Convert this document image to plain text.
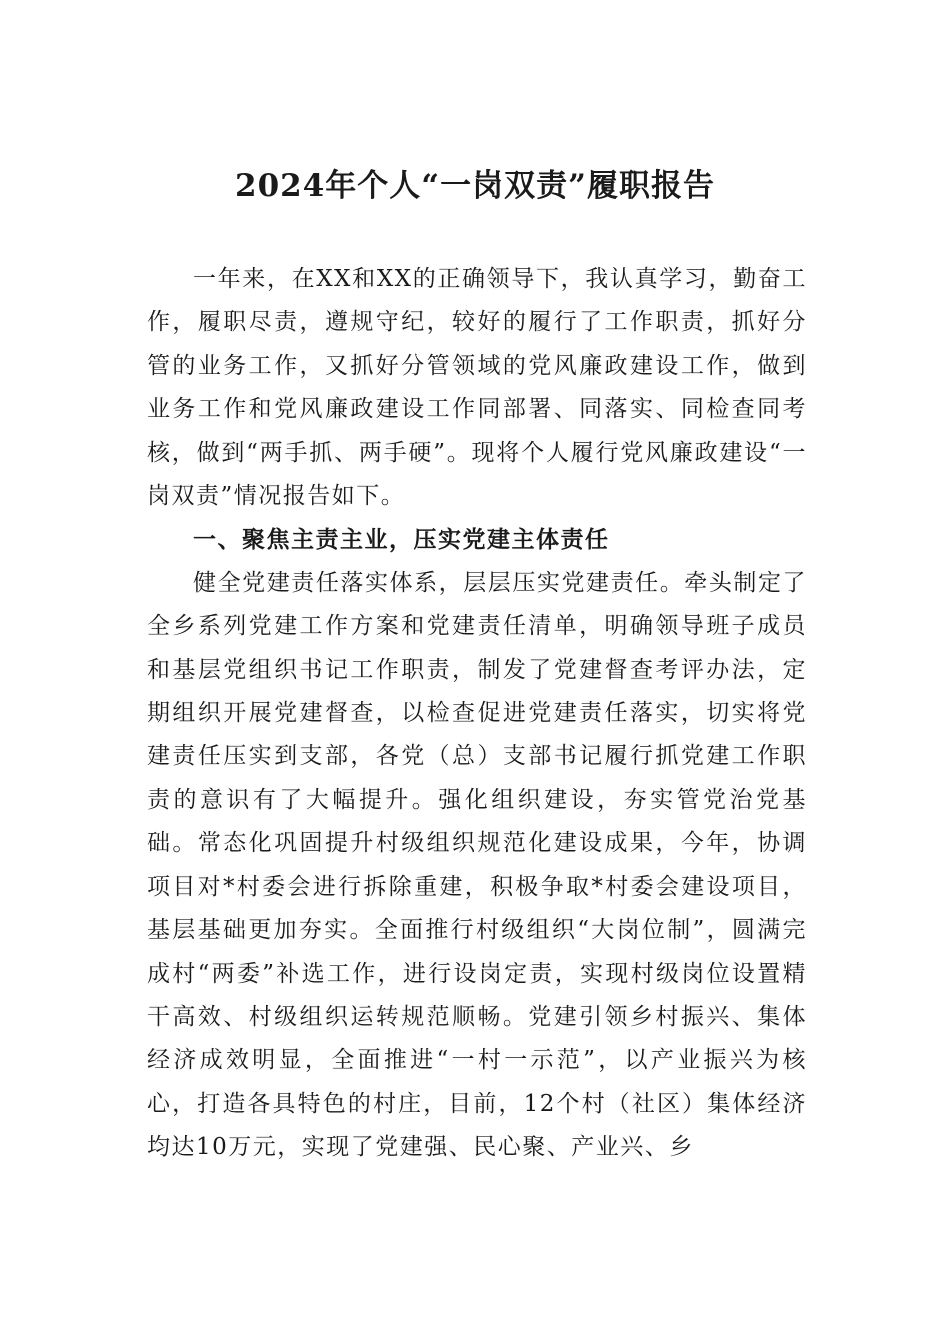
2024年个人“一岗双责”履职报告

一年来，在XX和XX的正确领导下，我认真学习，勤奋工作，履职尽责，遵规守纪，较好的履行了工作职责，抓好分管的业务工作，又抓好分管领域的党风廉政建设工作，做到业务工作和党风廉政建设工作同部署、同落实、同检查同考核，做到“两手抓、两手硬”。现将个人履行党风廉政建设“一岗双责”情况报告如下。

一、聚焦主责主业，压实党建主体责任

健全党建责任落实体系，层层压实党建责任。牵头制定了全乡系列党建工作方案和党建责任清单，明确领导班子成员和基层党组织书记工作职责，制发了党建督查考评办法，定期组织开展党建督查，以检查促进党建责任落实，切实将党建责任压实到支部，各党（总）支部书记履行抓党建工作职责的意识有了大幅提升。强化组织建设，夯实管党治党基础。常态化巩固提升村级组织规范化建设成果，今年，协调项目对*村委会进行拆除重建，积极争取*村委会建设项目，基层基础更加夯实。全面推行村级组织“大岗位制”，圆满完成村“两委”补选工作，进行设岗定责，实现村级岗位设置精干高效、村级组织运转规范顺畅。党建引领乡村振兴、集体经济成效明显，全面推进“一村一示范”，以产业振兴为核心，打造各具特色的村庄，目前，12个村（社区）集体经济均达10万元，实现了党建强、民心聚、产业兴、乡
